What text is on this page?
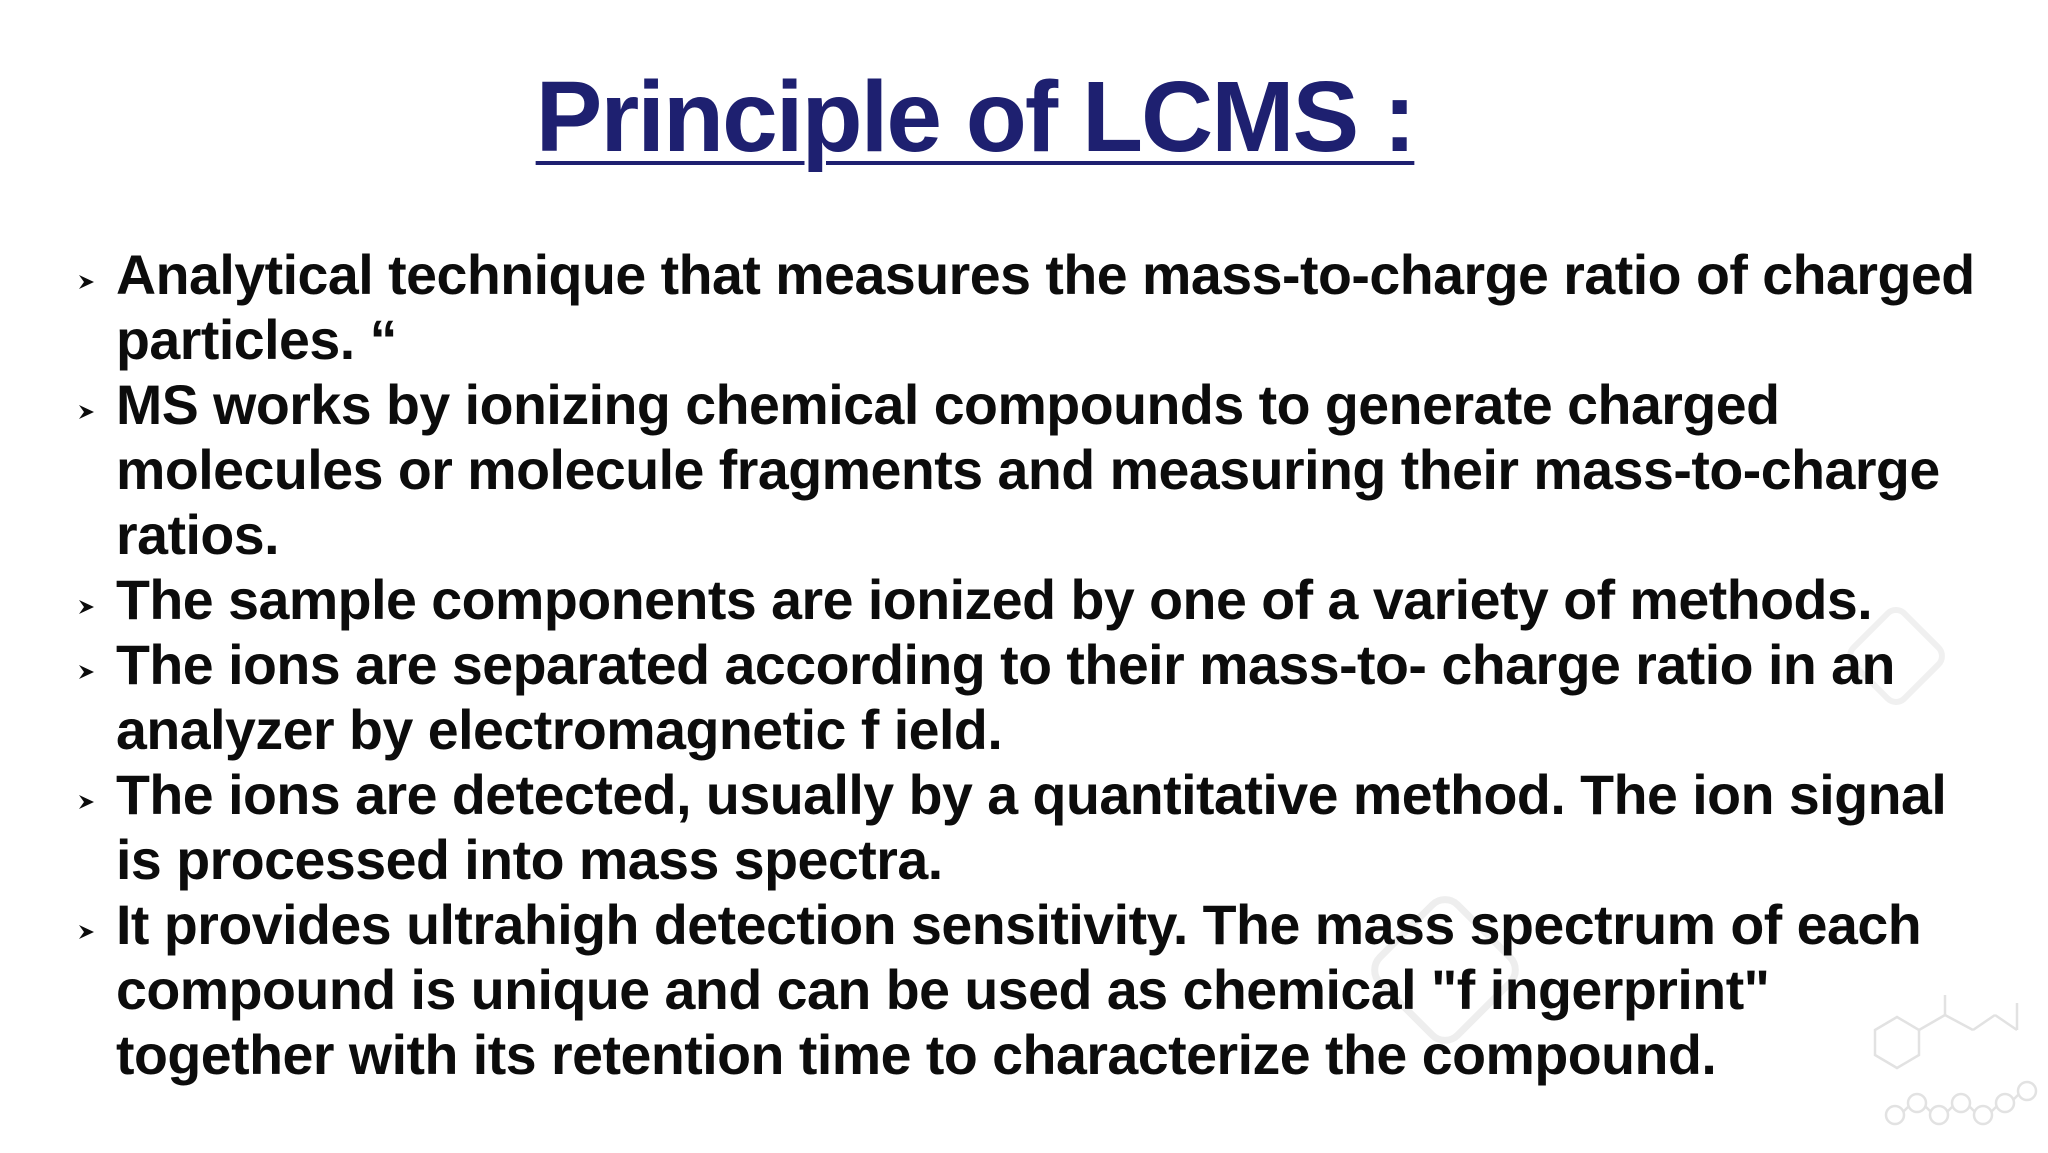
Principle of LCMS :
Analytical technique that measures the mass-to-charge ratio of charged particles. “
MS works by ionizing chemical compounds to generate charged molecules or molecule fragments and measuring their mass-to-charge ratios.
The sample components are ionized by one of a variety of methods.
The ions are separated according to their mass-to- charge ratio in an analyzer by electromagnetic f ield.
The ions are detected, usually by a quantitative method. The ion signal is processed into mass spectra.
It provides ultrahigh detection sensitivity. The mass spectrum of each compound is unique and can be used as chemical "f ingerprint" together with its retention time to characterize the compound.
